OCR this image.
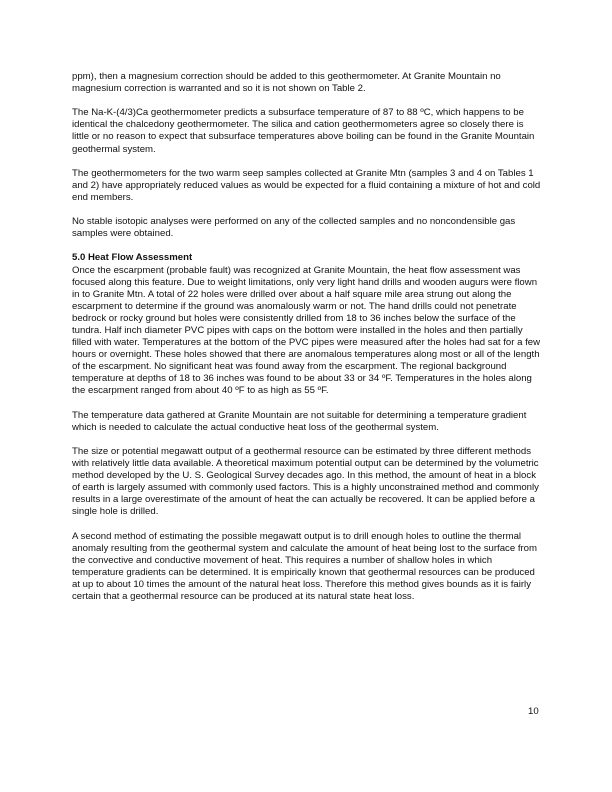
ppm), then a magnesium correction should be added to this geothermometer. At Granite Mountain no magnesium correction is warranted and so it is not shown on Table 2.

The Na-K-(4/3)Ca geothermometer predicts a subsurface temperature of 87 to 88 ºC, which happens to be identical the chalcedony geothermometer. The silica and cation geothermometers agree so closely there is little or no reason to expect that subsurface temperatures above boiling can be found in the Granite Mountain geothermal system.

The geothermometers for the two warm seep samples collected at Granite Mtn (samples 3 and 4 on Tables 1 and 2) have appropriately reduced values as would be expected for a fluid containing a mixture of hot and cold end members.

No stable isotopic analyses were performed on any of the collected samples and no noncondensible gas samples were obtained.

5.0 Heat Flow Assessment

Once the escarpment (probable fault) was recognized at Granite Mountain, the heat flow assessment was focused along this feature. Due to weight limitations, only very light hand drills and wooden augurs were flown in to Granite Mtn. A total of 22 holes were drilled over about a half square mile area strung out along the escarpment to determine if the ground was anomalously warm or not. The hand drills could not penetrate bedrock or rocky ground but holes were consistently drilled from 18 to 36 inches below the surface of the tundra. Half inch diameter PVC pipes with caps on the bottom were installed in the holes and then partially filled with water. Temperatures at the bottom of the PVC pipes were measured after the holes had sat for a few hours or overnight. These holes showed that there are anomalous temperatures along most or all of the length of the escarpment. No significant heat was found away from the escarpment. The regional background temperature at depths of 18 to 36 inches was found to be about 33 or 34 ºF. Temperatures in the holes along the escarpment ranged from about 40 ºF to as high as 55 ºF.

The temperature data gathered at Granite Mountain are not suitable for determining a temperature gradient which is needed to calculate the actual conductive heat loss of the geothermal system.

The size or potential megawatt output of a geothermal resource can be estimated by three different methods with relatively little data available. A theoretical maximum potential output can be determined by the volumetric method developed by the U. S. Geological Survey decades ago. In this method, the amount of heat in a block of earth is largely assumed with commonly used factors. This is a highly unconstrained method and commonly results in a large overestimate of the amount of heat the can actually be recovered. It can be applied before a single hole is drilled.

A second method of estimating the possible megawatt output is to drill enough holes to outline the thermal anomaly resulting from the geothermal system and calculate the amount of heat being lost to the surface from the convective and conductive movement of heat. This requires a number of shallow holes in which temperature gradients can be determined. It is empirically known that geothermal resources can be produced at up to about 10 times the amount of the natural heat loss. Therefore this method gives bounds as it is fairly certain that a geothermal resource can be produced at its natural state heat loss.

10
